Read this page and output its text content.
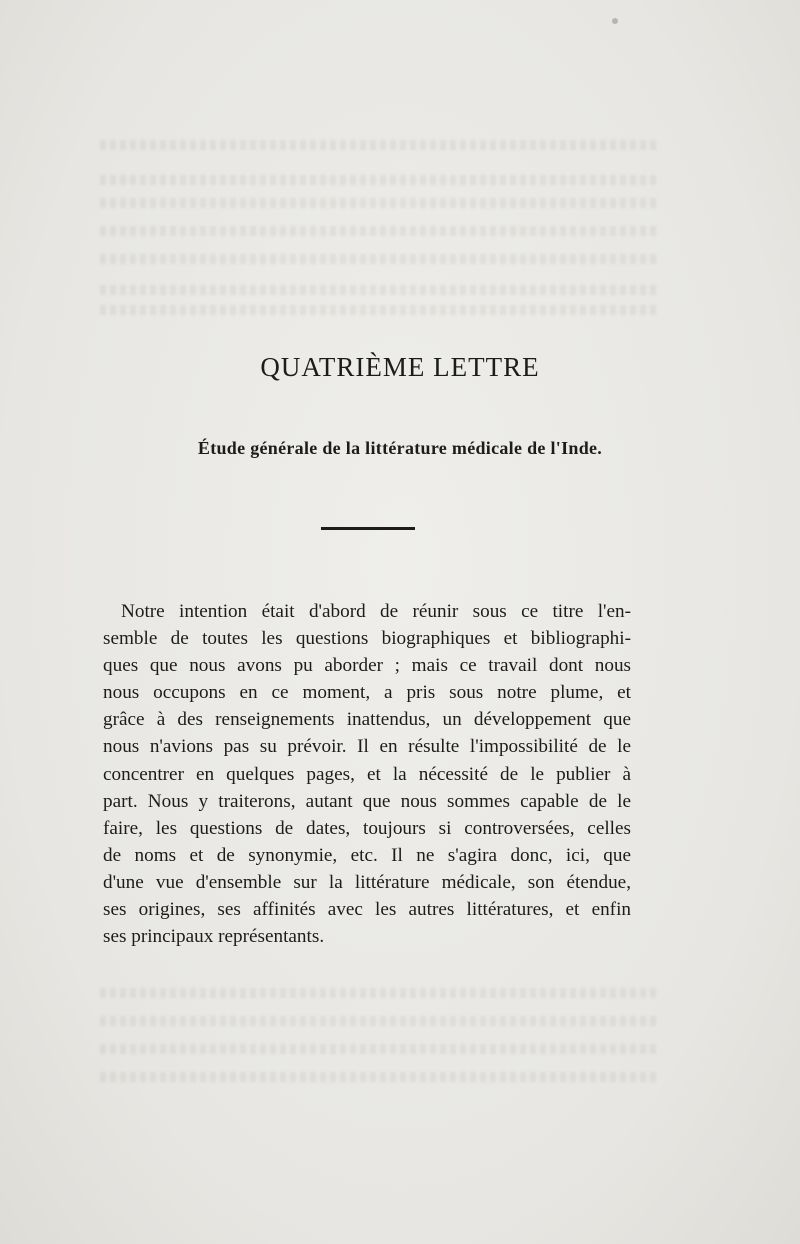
QUATRIÈME LETTRE
Étude générale de la littérature médicale de l'Inde.

Notre intention était d'abord de réunir sous ce titre l'en-
semble de toutes les questions biographiques et bibliographi-
ques que nous avons pu aborder ; mais ce travail dont nous
nous occupons en ce moment, a pris sous notre plume, et
grâce à des renseignements inattendus, un développement que
nous n'avions pas su prévoir. Il en résulte l'impossibilité de le
concentrer en quelques pages, et la nécessité de le publier à
part. Nous y traiterons, autant que nous sommes capable de le
faire, les questions de dates, toujours si controversées, celles
de noms et de synonymie, etc. Il ne s'agira donc, ici, que
d'une vue d'ensemble sur la littérature médicale, son étendue,
ses origines, ses affinités avec les autres littératures, et enfin
ses principaux représentants.
